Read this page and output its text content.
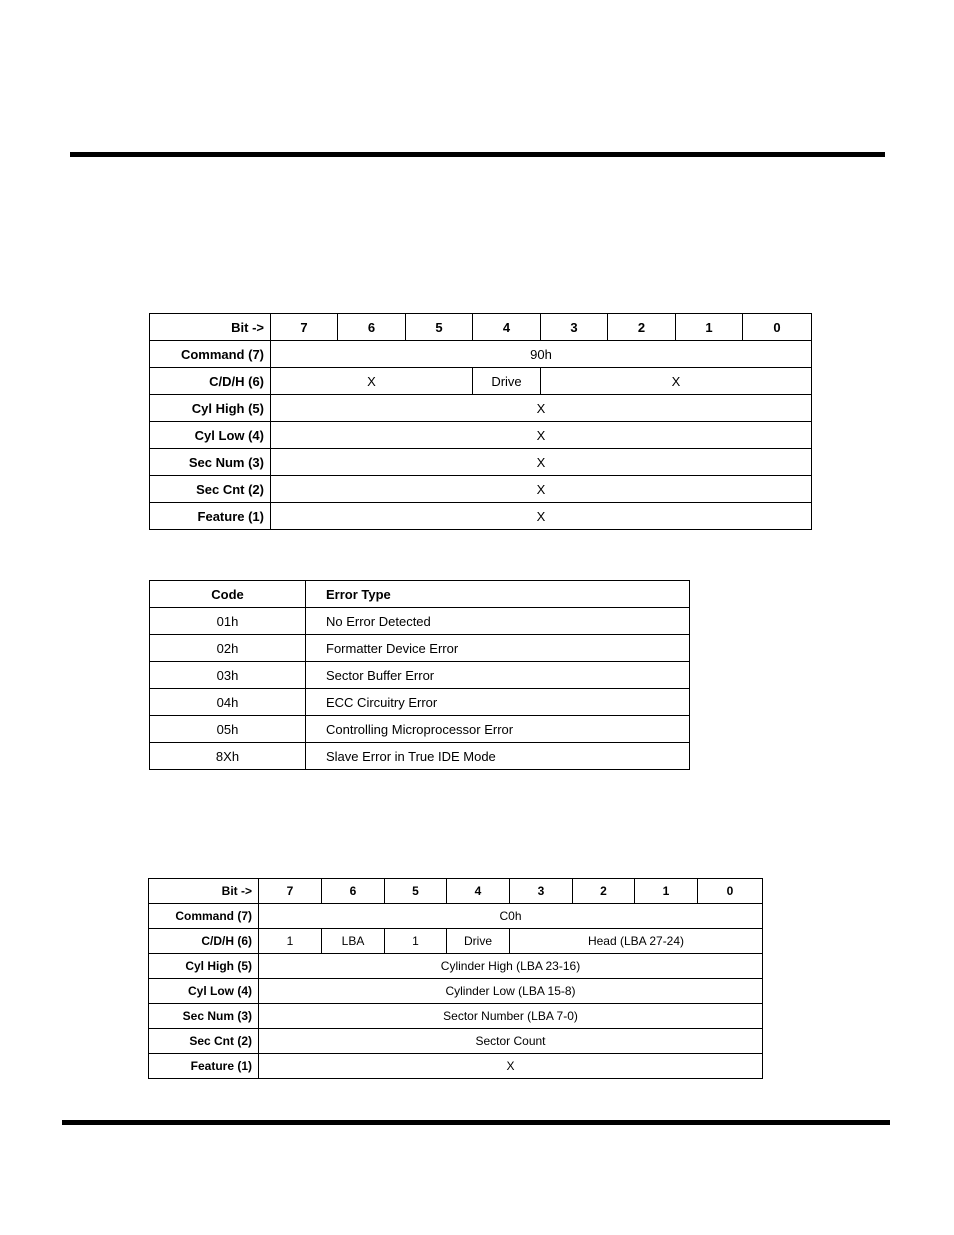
Bit ->	7	6	5	4	3	2	1	0
Command (7)	90h							
C/D/H (6)	X			Drive	X			
Cyl High (5)	X							
Cyl Low (4)	X							
Sec Num (3)	X							
Sec Cnt (2)	X							
Feature (1)	X							
Code	Error Type
01h	No Error Detected
02h	Formatter Device Error
03h	Sector Buffer Error
04h	ECC Circuitry Error
05h	Controlling Microprocessor Error
8Xh	Slave Error in True IDE Mode
Bit ->	7	6	5	4	3	2	1	0
Command (7)	C0h							
C/D/H (6)	1	LBA	1	Drive	Head (LBA 27-24)			
Cyl High (5)	Cylinder High (LBA 23-16)							
Cyl Low (4)	Cylinder Low (LBA 15-8)							
Sec Num (3)	Sector Number (LBA 7-0)							
Sec Cnt (2)	Sector Count							
Feature (1)	X							
